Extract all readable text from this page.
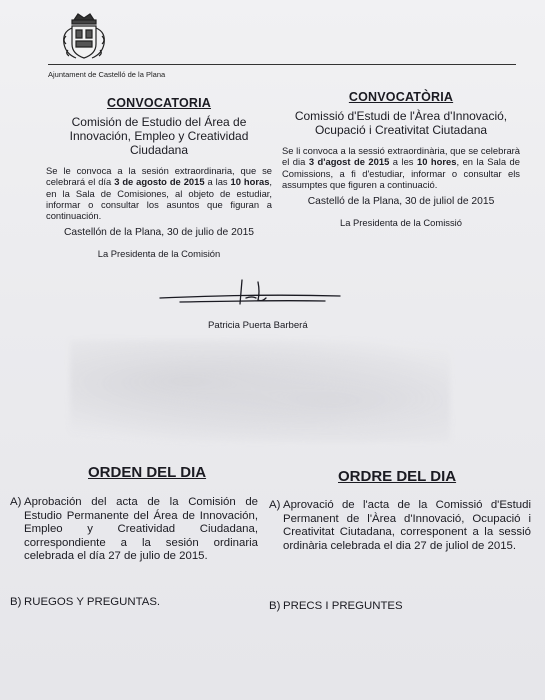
Ajuntament de Castelló de la Plana
CONVOCATORIA
Comisión de Estudio del Área de Innovación, Empleo y Creatividad Ciudadana
Se le convoca a la sesión extraordinaria, que se celebrará el día 3 de agosto de 2015 a las 10 horas, en la Sala de Comisiones, al objeto de estudiar, informar o consultar los asuntos que figuran a continuación.
Castellón de la Plana, 30 de julio de 2015
La Presidenta de la Comisión
CONVOCATÒRIA
Comissió d'Estudi de l'Àrea d'Innovació, Ocupació i Creativitat Ciutadana
Se li convoca a la sessió extraordinària, que se celebrarà el dia 3 d'agost de 2015 a les 10 hores, en la Sala de Comissions, a fi d'estudiar, informar o consultar els assumptes que figuren a continuació.
Castelló de la Plana, 30 de juliol de 2015
La Presidenta de la Comissió
Patricia Puerta Barberá
ORDEN DEL DIA	ORDRE DEL DIA
A) Aprobación del acta de la Comisión de Estudio Permanente del Área de Innovación, Empleo y Creatividad Ciudadana, correspondiente a la sesión ordinaria celebrada el día 27 de julio de 2015.
A) Aprovació de l'acta de la Comissió d'Estudi Permanent de l'Àrea d'Innovació, Ocupació i Creativitat Ciutadana, corresponent a la sessió ordinària celebrada el dia 27 de juliol de 2015.
B) RUEGOS Y PREGUNTAS.	B) PRECS I PREGUNTES
